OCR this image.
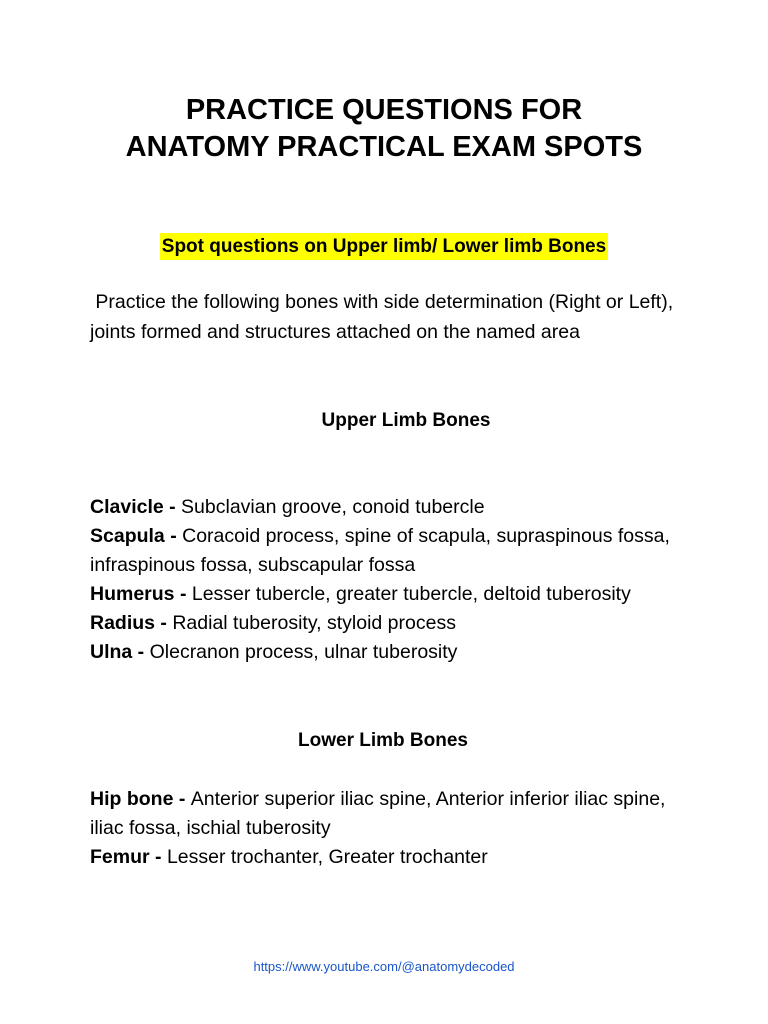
PRACTICE QUESTIONS FOR
ANATOMY PRACTICAL EXAM SPOTS
Spot questions on Upper limb/ Lower limb Bones

Practice the following bones with side determination (Right or Left), joints formed and structures attached on the named area

Upper Limb Bones

Clavicle - Subclavian groove, conoid tubercle

Scapula - Coracoid process, spine of scapula, supraspinous fossa, infraspinous fossa, subscapular fossa

Humerus - Lesser tubercle, greater tubercle, deltoid tuberosity

Radius - Radial tuberosity, styloid process

Ulna - Olecranon process, ulnar tuberosity

Lower Limb Bones

Hip bone - Anterior superior iliac spine, Anterior inferior iliac spine, iliac fossa, ischial tuberosity

Femur - Lesser trochanter, Greater trochanter

https://www.youtube.com/@anatomydecoded
